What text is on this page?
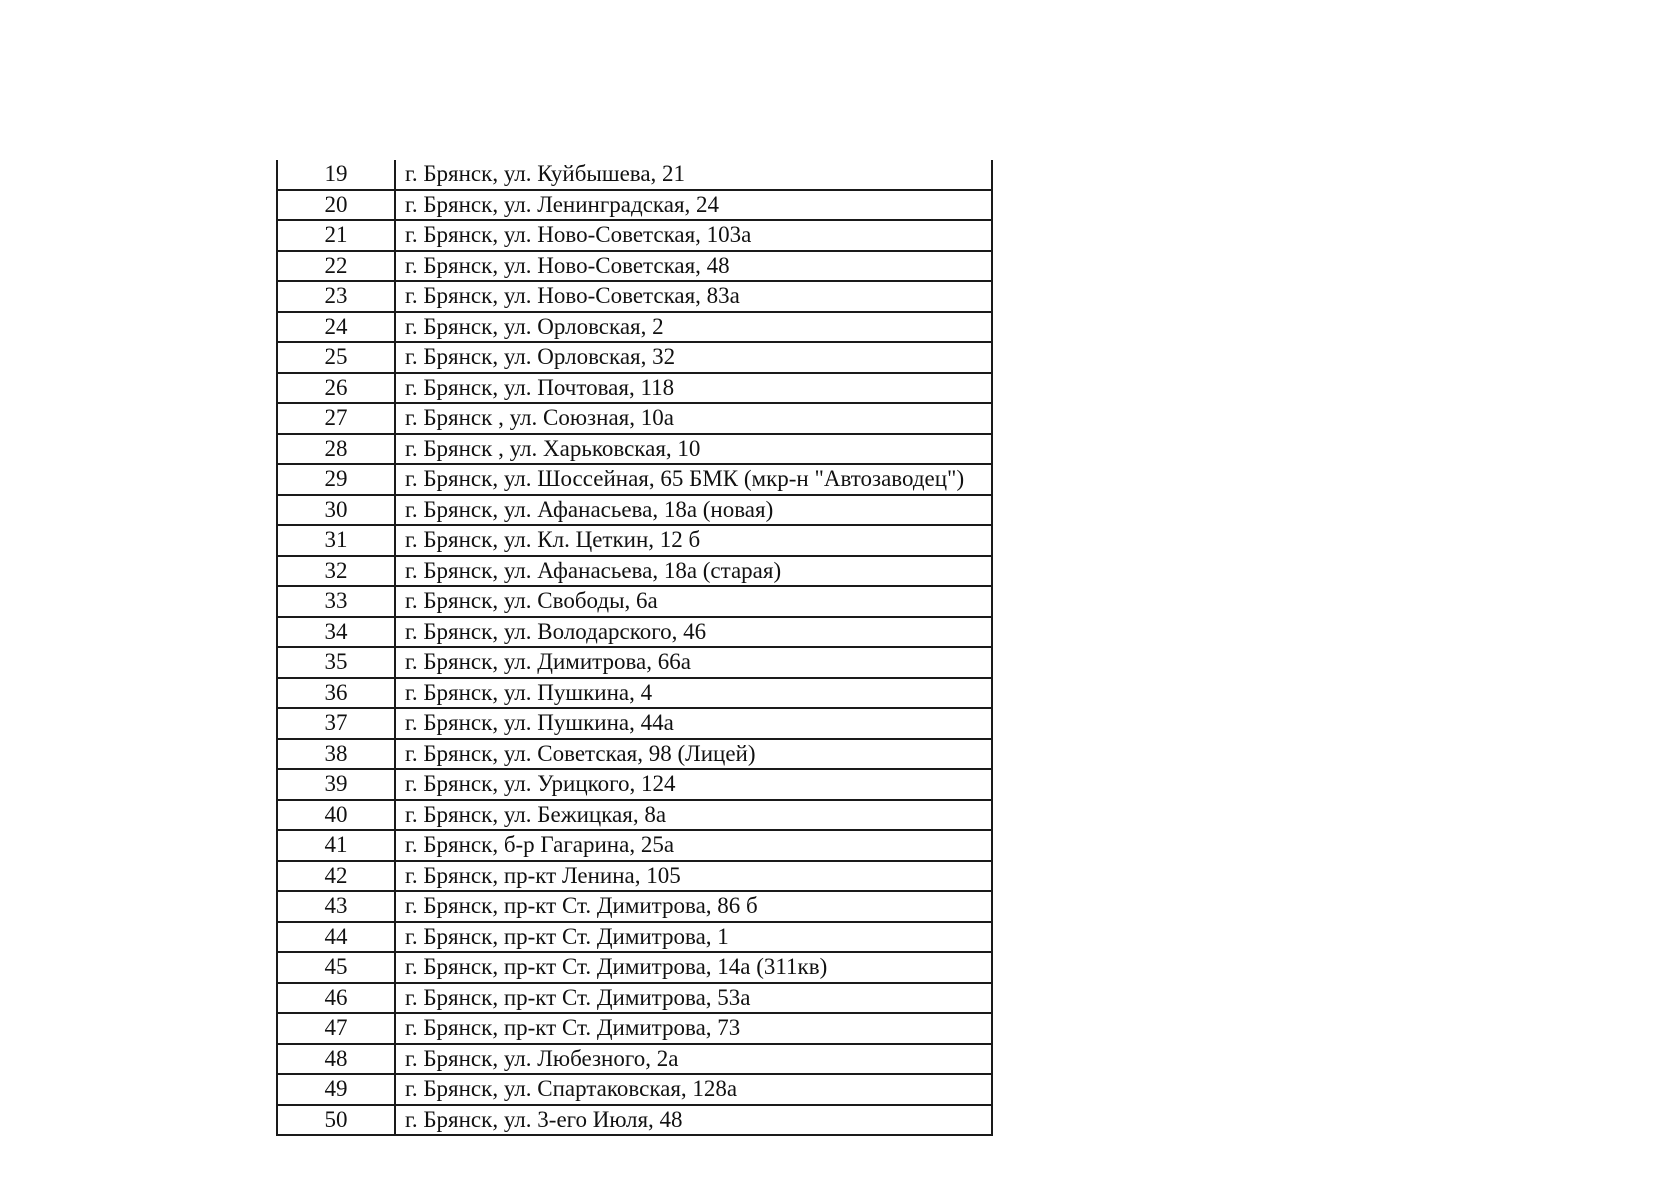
19	г. Брянск, ул. Куйбышева, 21
20	г. Брянск, ул. Ленинградская, 24
21	г. Брянск, ул. Ново-Советская, 103а
22	г. Брянск, ул. Ново-Советская, 48
23	г. Брянск, ул. Ново-Советская, 83а
24	г. Брянск, ул. Орловская, 2
25	г. Брянск, ул. Орловская, 32
26	г. Брянск, ул. Почтовая, 118
27	г. Брянск , ул. Союзная, 10а
28	г. Брянск , ул. Харьковская, 10
29	г. Брянск, ул. Шоссейная, 65 БМК (мкр-н "Автозаводец")
30	г. Брянск, ул. Афанасьева, 18а (новая)
31	г. Брянск, ул. Кл. Цеткин, 12 б
32	г. Брянск, ул. Афанасьева, 18а (старая)
33	г. Брянск, ул. Свободы, 6а
34	г. Брянск, ул. Володарского, 46
35	г. Брянск, ул. Димитрова, 66а
36	г. Брянск, ул. Пушкина, 4
37	г. Брянск, ул. Пушкина, 44а
38	г. Брянск, ул. Советская, 98 (Лицей)
39	г. Брянск, ул. Урицкого, 124
40	г. Брянск, ул. Бежицкая, 8а
41	г. Брянск, б-р Гагарина, 25а
42	г. Брянск, пр-кт Ленина, 105
43	г. Брянск, пр-кт Ст. Димитрова, 86 б
44	г. Брянск, пр-кт Ст. Димитрова, 1
45	г. Брянск, пр-кт Ст. Димитрова, 14а (311кв)
46	г. Брянск, пр-кт Ст. Димитрова, 53а
47	г. Брянск, пр-кт Ст. Димитрова, 73
48	г. Брянск, ул. Любезного, 2а
49	г. Брянск, ул. Спартаковская, 128а
50	г. Брянск, ул. 3-его Июля, 48
